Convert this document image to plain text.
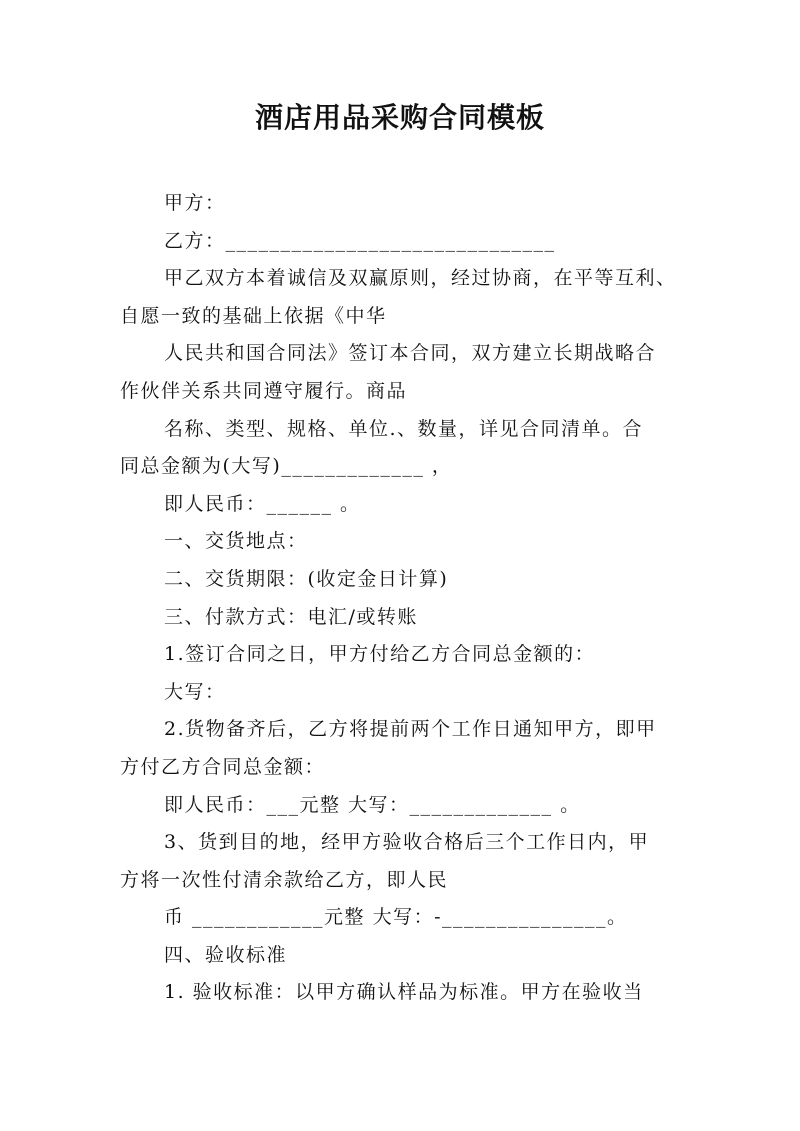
酒店用品采购合同模板
甲方：
乙方：______________________________
甲乙双方本着诚信及双赢原则，经过协商，在平等互利、
自愿一致的基础上依据《中华
人民共和国合同法》签订本合同，双方建立长期战略合
作伙伴关系共同遵守履行。商品
名称、类型、规格、单位.、数量，详见合同清单。合
同总金额为(大写)_____________ ，
即人民币：______ 。
一、交货地点：
二、交货期限：(收定金日计算)
三、付款方式：电汇/或转账
1.签订合同之日，甲方付给乙方合同总金额的：
大写：
2.货物备齐后，乙方将提前两个工作日通知甲方，即甲
方付乙方合同总金额：
即人民币：___元整 大写：_____________ 。
3、货到目的地，经甲方验收合格后三个工作日内，甲
方将一次性付清余款给乙方，即人民
币 ____________元整 大写：-_______________。
四、验收标准
1. 验收标准：以甲方确认样品为标准。甲方在验收当
